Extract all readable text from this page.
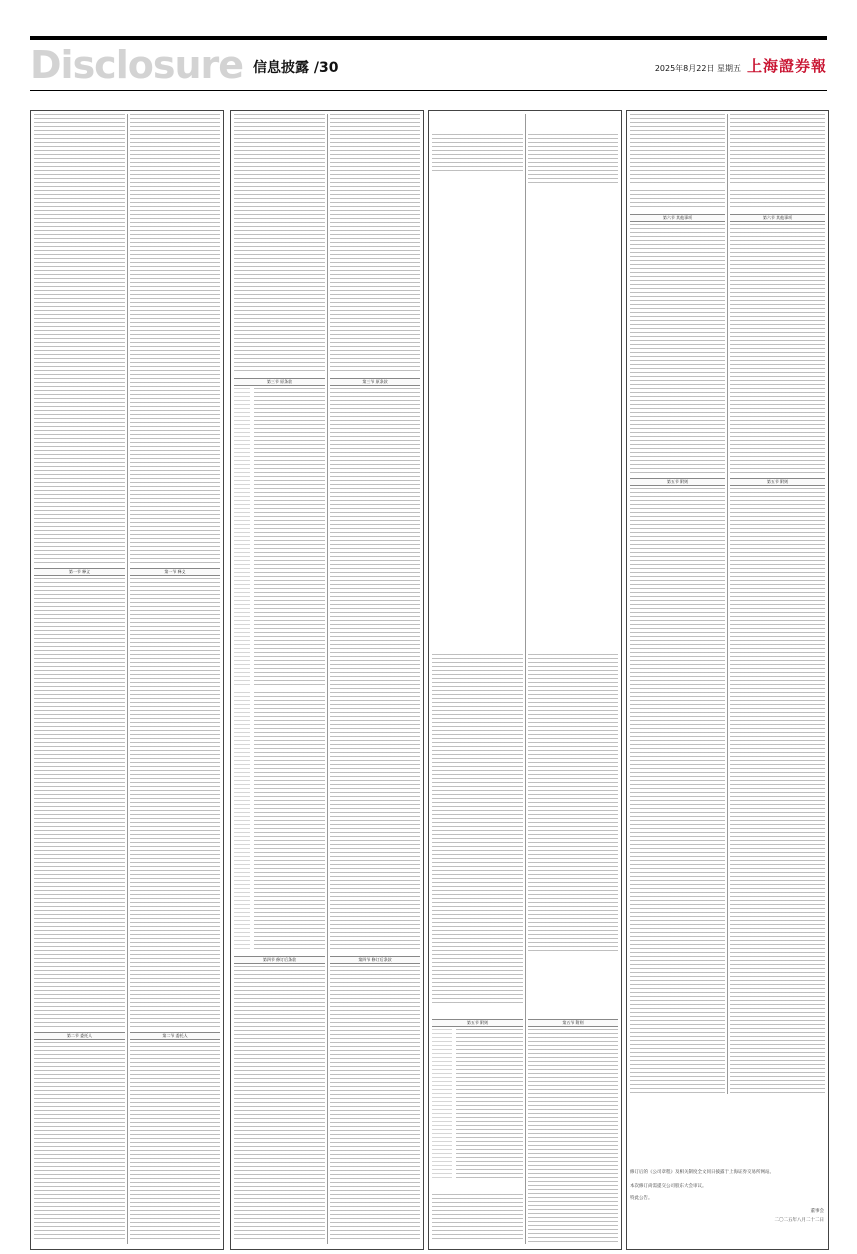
Disclosure 信息披露 /30	2025年8月22日 星期五 上海證券報
第一节 释义
第二节 委托人
第一节 释义
第二节 委托人
第三节 原条款
第四节 修订后条款
第三节 原条款
第四节 修订后条款
第五节 附则	第五节 附则
第六节 其他事项
第五节 附则
第六节 其他事项
第五节 附则
修订后的《公司章程》及相关制度全文同日披露于上海证券交易所网站。
本次修订尚需提交公司股东大会审议。
特此公告。
董事会
二〇二五年八月二十二日
